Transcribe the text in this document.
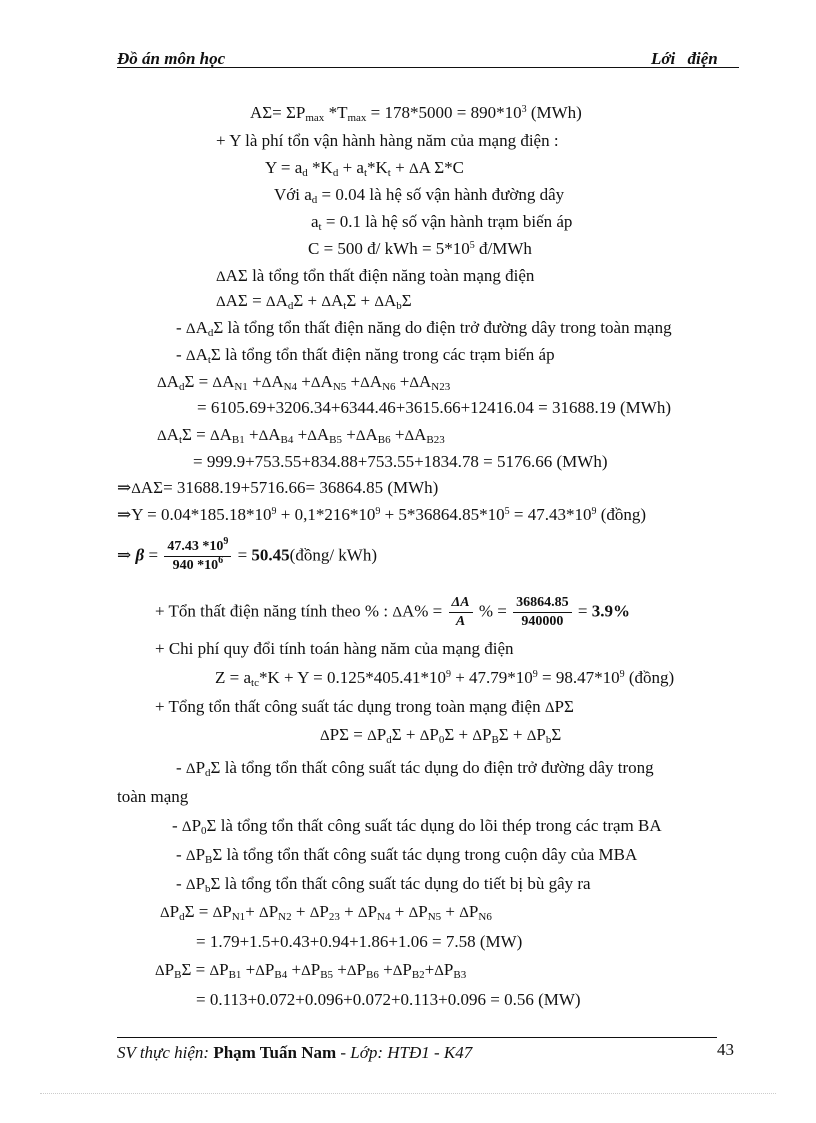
Đồ án môn học	Lới điện
$A\Sigma= \Sigma P_{max}$ $*T_{max} = 178*5000 = 890*10^3$ (MWh)
+ Y là phí tổn vận hành hàng năm của mạng điện :
$Y = a_d$ $*K_d + a_t*K_t + \Delta A$ Σ*C
Với $a_d = 0.04$ là hệ số vận hành đường dây
$a_t = 0.1$ là hệ số vận hành trạm biến áp
C = 500 đ/ kWh = $5*10^5$ đ/MWh
ΔAΣ là tổng tổn thất điện năng toàn mạng điện
$\Delta A\Sigma = \Delta A_d\Sigma + \Delta A_t\Sigma + \Delta A_b\Sigma$
- $\Delta A_d\Sigma$ là tổng tổn thất điện năng do điện trở đường dây trong toàn mạng
- $\Delta A_t\Sigma$ là tổng tổn thất điện năng trong các trạm biến áp
$\Delta A_d\Sigma = \Delta A_{N1} +\Delta A_{N4} +\Delta A_{N5} +\Delta A_{N6} +\Delta A_{N23}$
= 6105.69+3206.34+6344.46+3615.66+12416.04 = 31688.19 (MWh)
$\Delta A_t\Sigma = \Delta A_{B1} +\Delta A_{B4} +\Delta A_{B5} +\Delta A_{B6} +\Delta A_{B23}$
= 999.9+753.55+834.88+753.55+1834.78 = 5176.66 (MWh)
⇒ΔAΣ= 31688.19+5716.66= 36864.85 (MWh)
⇒Y = $0.04*185.18*10^9 + 0,1*216*10^9 + 5*36864.85*10^5 = 47.43*10^9$ (đồng)
⇒ $\beta = \frac{47.43 *10^9}{940 *10^6}$ = 50.45(đồng/ kWh)
+ Tổn thất điện năng tính theo % : $\Delta A\% = \frac{\Delta A}{A}$ % = $\frac{36864.85}{940000} = 3.9\%$
+ Chi phí quy đổi tính toán hàng năm của mạng điện
$Z = a_{tc}*K + Y = 0.125*405.41*10^9 + 47.79*10^9 = 98.47*10^9$ (đồng)
+ Tổng tổn thất công suất tác dụng trong toàn mạng điện ΔPΣ
$\Delta P\Sigma = \Delta P_d\Sigma + \Delta P_0\Sigma + \Delta P_B\Sigma + \Delta P_b\Sigma$
- $\Delta P_d\Sigma$ là tổng tổn thất công suất tác dụng do điện trở đường dây trong
toàn mạng
- $\Delta P_0\Sigma$ là tổng tổn thất công suất tác dụng do lõi thép trong các trạm BA
- $\Delta P_B\Sigma$ là tổng tổn thất công suất tác dụng trong cuộn dây của MBA
- $\Delta P_b\Sigma$ là tổng tổn thất công suất tác dụng do tiết bị bù gây ra
$\Delta P_d\Sigma = \Delta P_{N1}+ \Delta P_{N2} + \Delta P_{23} + \Delta P_{N4} + \Delta P_{N5} + \Delta P_{N6}$
= 1.79+1.5+0.43+0.94+1.86+1.06 = 7.58 (MW)
$\Delta P_B\Sigma = \Delta P_{B1} +\Delta P_{B4} +\Delta P_{B5} +\Delta P_{B6} +\Delta P_{B2}+\Delta P_{B3}$
= 0.113+0.072+0.096+0.072+0.113+0.096 = 0.56 (MW)
SV thực hiện: Phạm Tuấn Nam - Lớp: HTĐ1 - K47	43
